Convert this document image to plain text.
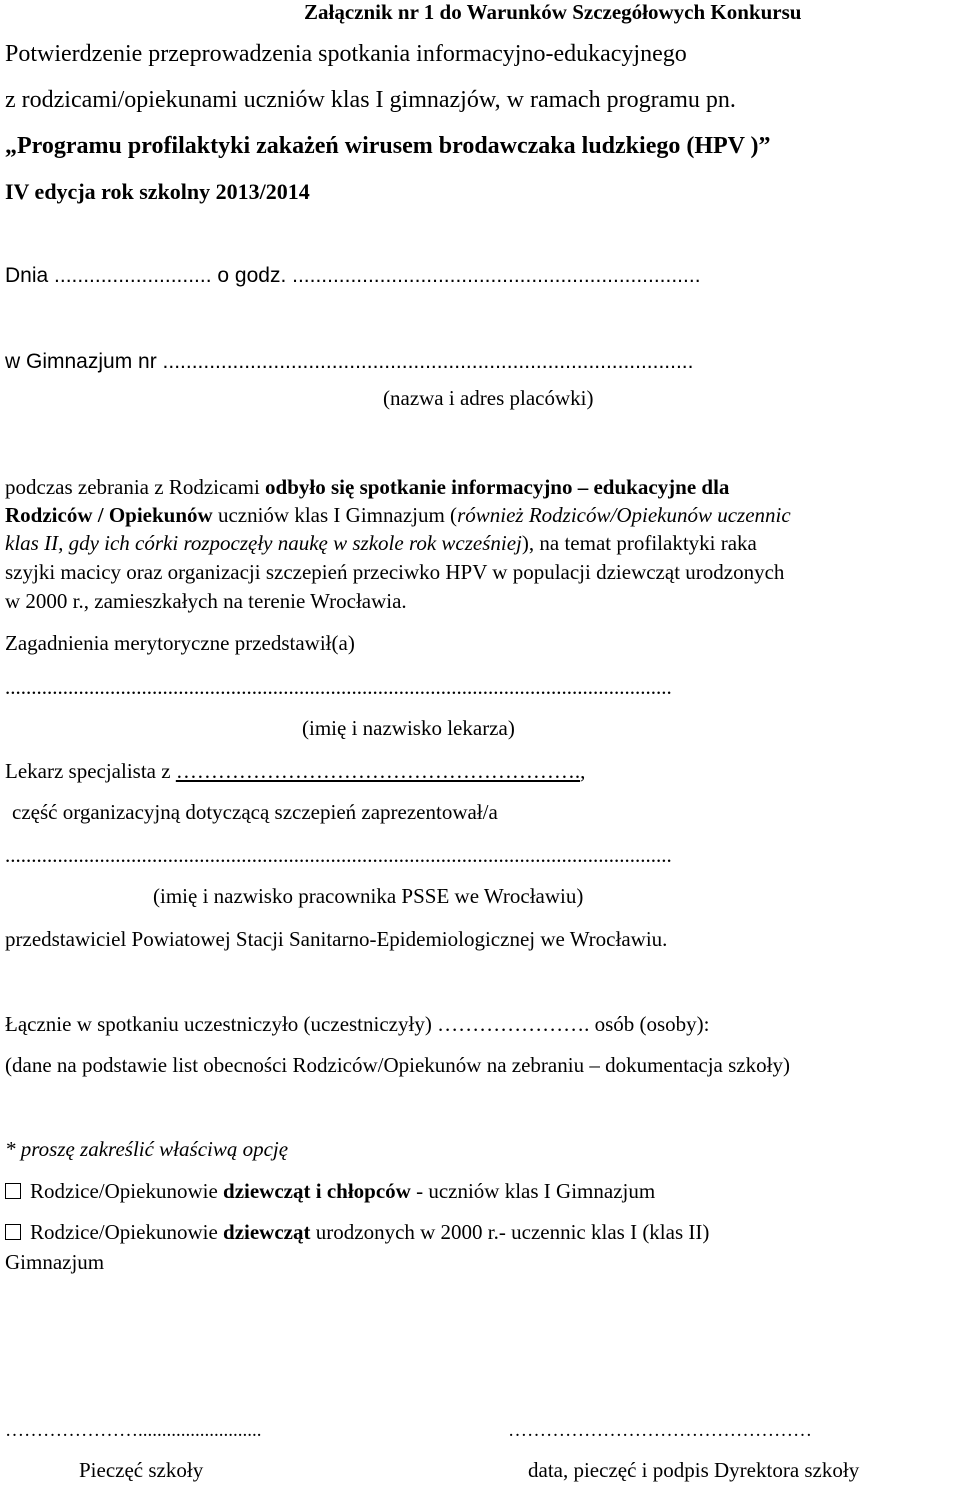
Załącznik nr 1 do Warunków Szczegółowych Konkursu
Potwierdzenie przeprowadzenia spotkania informacyjno-edukacyjnego
z rodzicami/opiekunami uczniów klas I gimnazjów, w ramach programu pn.
„Programu profilaktyki zakażeń wirusem brodawczaka ludzkiego (HPV )”
IV edycja rok szkolny 2013/2014
Dnia ........................... o godz. ......................................................................
w Gimnazjum nr ...........................................................................................
(nazwa i adres placówki)
podczas zebrania z Rodzicami odbyło się spotkanie informacyjno – edukacyjne dla
Rodziców / Opiekunów uczniów klas I Gimnazjum (również Rodziców/Opiekunów uczennic
klas II, gdy ich córki rozpoczęły naukę w szkole rok wcześniej), na temat profilaktyki raka
szyjki macicy oraz organizacji szczepień przeciwko HPV w populacji dziewcząt urodzonych
w 2000 r., zamieszkałych na terenie Wrocławia.
Zagadnienia merytoryczne przedstawił(a)
...............................................................................................................................
(imię i nazwisko lekarza)
Lekarz specjalista z ………………………………………………….,
część organizacyjną dotyczącą szczepień zaprezentował/a
...............................................................................................................................
(imię i nazwisko pracownika PSSE we Wrocławiu)
przedstawiciel Powiatowej Stacji Sanitarno-Epidemiologicznej we Wrocławiu.
Łącznie w spotkaniu uczestniczyło (uczestniczyły) …………………. osób (osoby):
(dane na podstawie list obecności Rodziców/Opiekunów na zebraniu – dokumentacja szkoły)
* proszę zakreślić właściwą opcję
Rodzice/Opiekunowie dziewcząt i chłopców - uczniów klas I Gimnazjum
Rodzice/Opiekunowie dziewcząt urodzonych w 2000 r.- uczennic klas I (klas II)
Gimnazjum
…………………..........................	…………………………………………
Pieczęć szkoły	data, pieczęć i podpis Dyrektora szkoły
